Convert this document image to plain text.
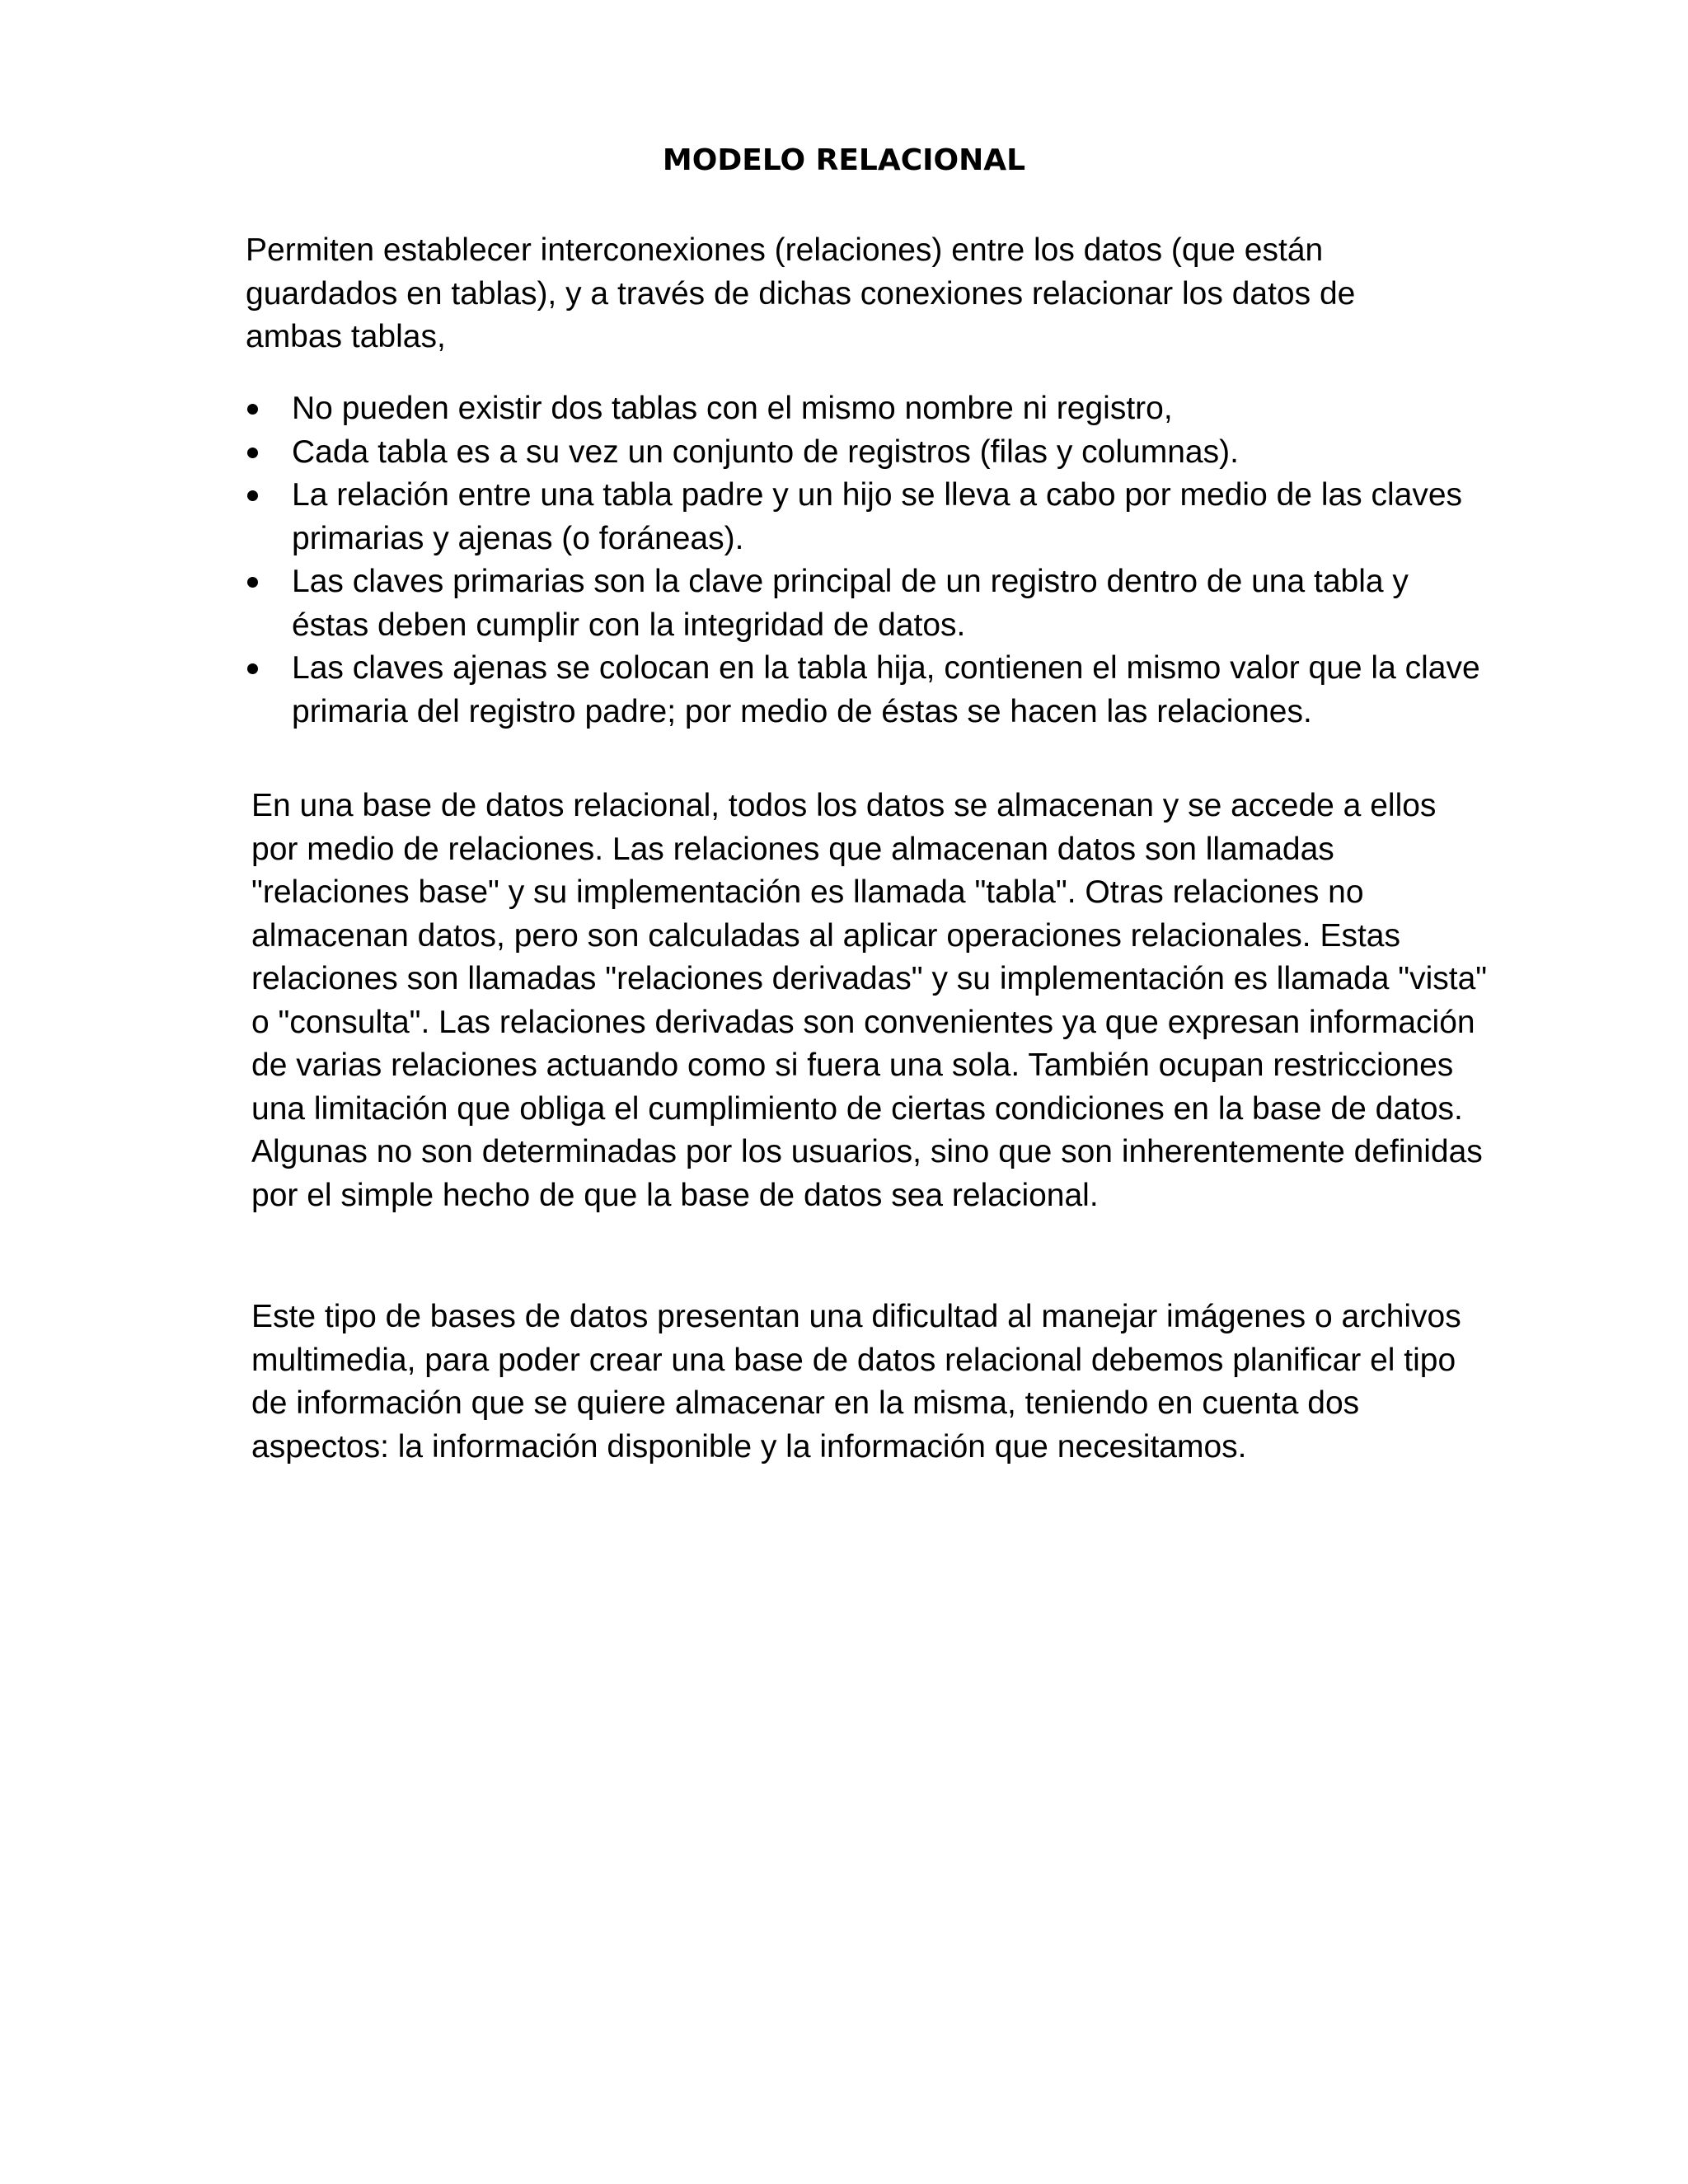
MODELO RELACIONAL

Permiten establecer interconexiones (relaciones) entre los datos (que están guardados en tablas), y a través de dichas conexiones relacionar los datos de ambas tablas,

No pueden existir dos tablas con el mismo nombre ni registro,
Cada tabla es a su vez un conjunto de registros (filas y columnas).
La relación entre una tabla padre y un hijo se lleva a cabo por medio de las claves primarias y ajenas (o foráneas).
Las claves primarias son la clave principal de un registro dentro de una tabla y éstas deben cumplir con la integridad de datos.
Las claves ajenas se colocan en la tabla hija, contienen el mismo valor que la clave primaria del registro padre; por medio de éstas se hacen las relaciones.

En una base de datos relacional, todos los datos se almacenan y se accede a ellos por medio de relaciones. Las relaciones que almacenan datos son llamadas "relaciones base" y su implementación es llamada "tabla". Otras relaciones no almacenan datos, pero son calculadas al aplicar operaciones relacionales. Estas relaciones son llamadas "relaciones derivadas" y su implementación es llamada "vista" o "consulta". Las relaciones derivadas son convenientes ya que expresan información de varias relaciones actuando como si fuera una sola. También ocupan restricciones una limitación que obliga el cumplimiento de ciertas condiciones en la base de datos. Algunas no son determinadas por los usuarios, sino que son inherentemente definidas por el simple hecho de que la base de datos sea relacional.

Este tipo de bases de datos presentan una dificultad al manejar imágenes o archivos multimedia, para poder crear una base de datos relacional debemos planificar el tipo de información que se quiere almacenar en la misma, teniendo en cuenta dos aspectos: la información disponible y la información que necesitamos.
